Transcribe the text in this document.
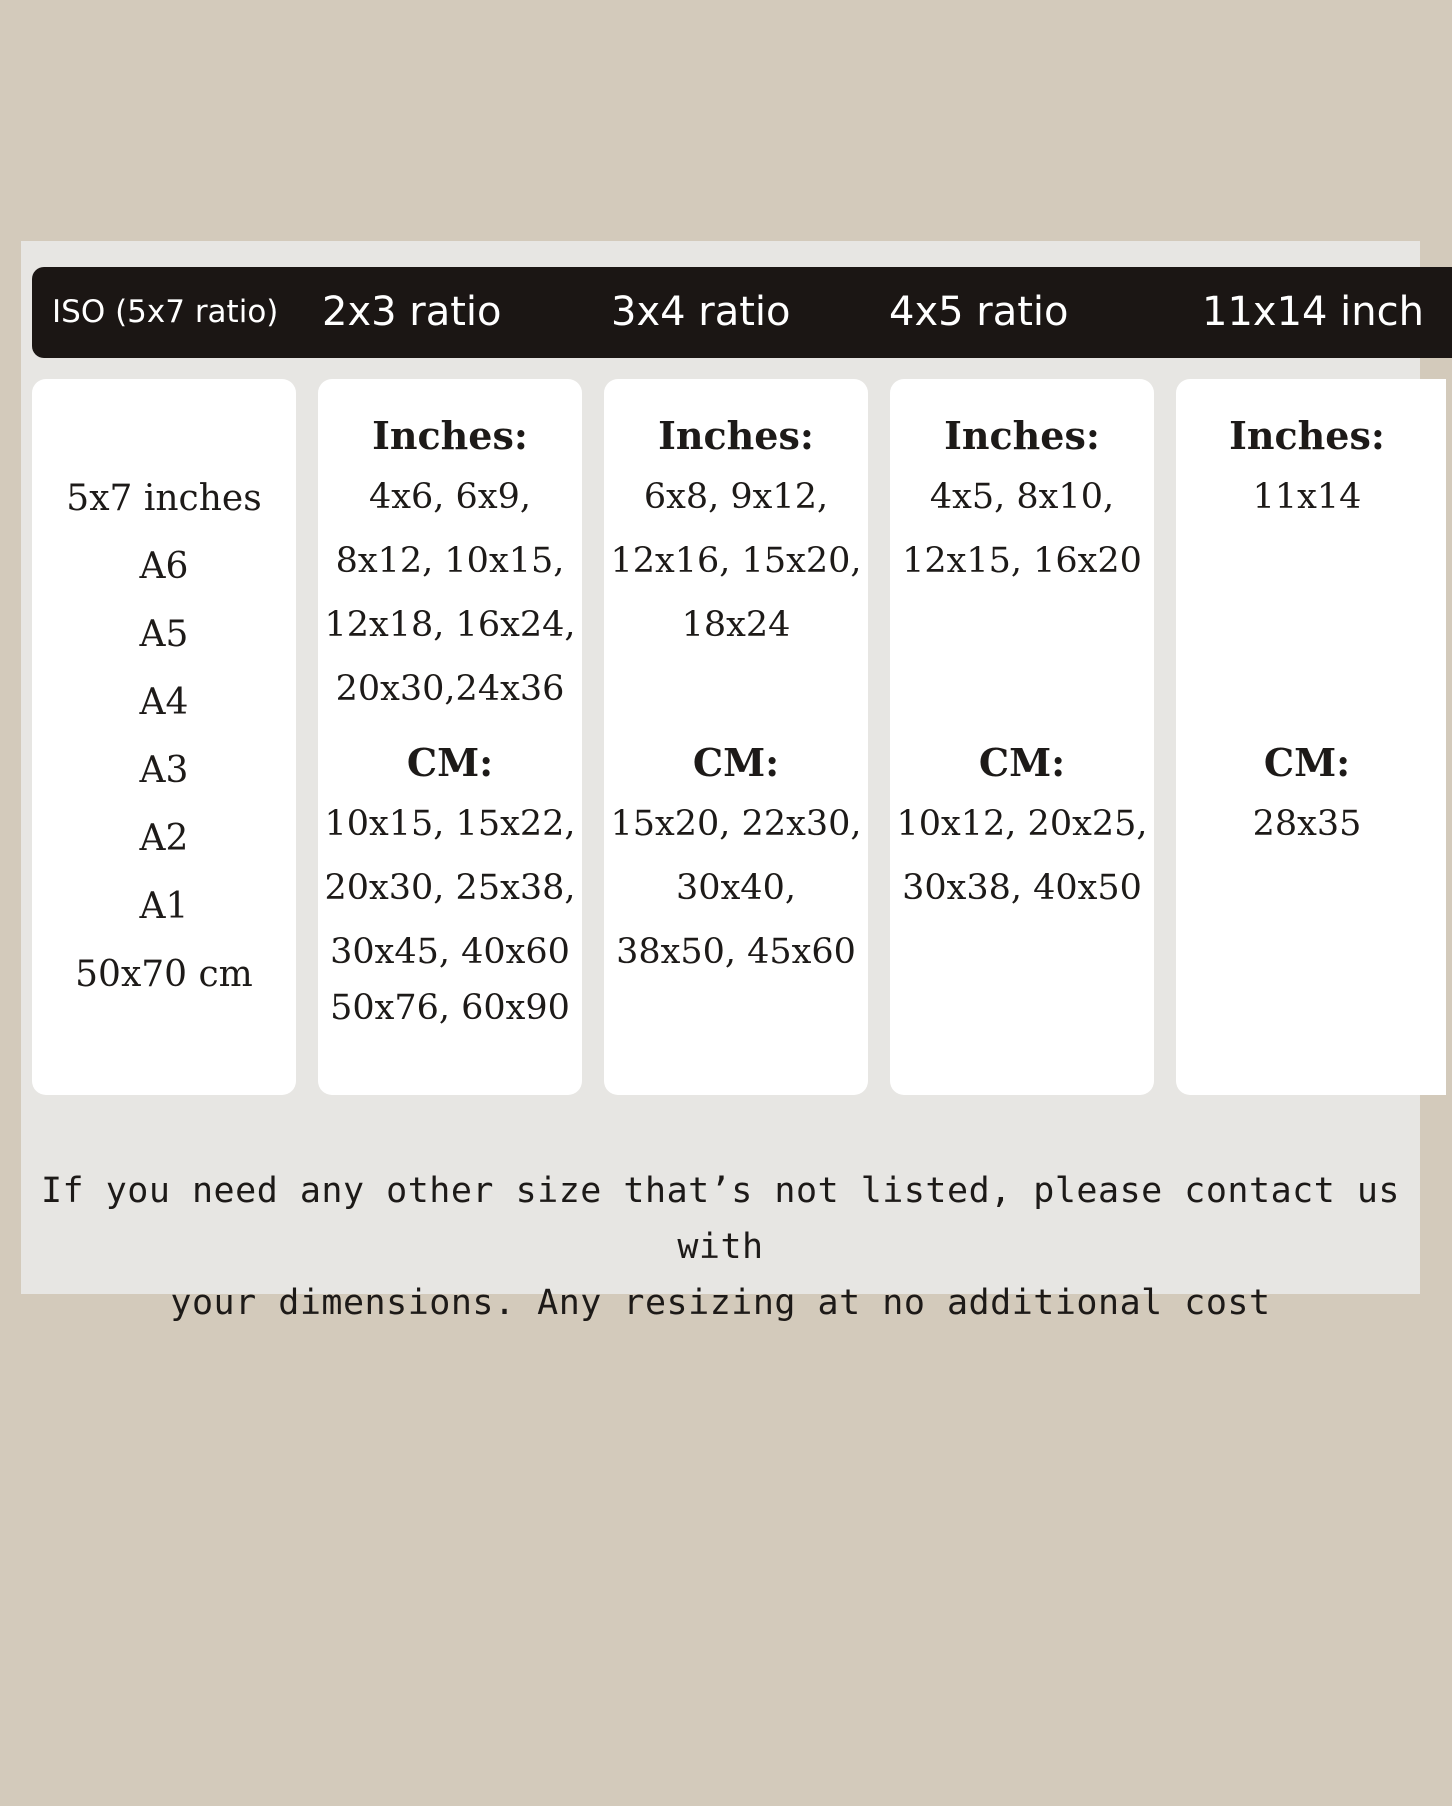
ISO (5x7 ratio) 2x3 ratio	3x4 ratio 4x5 ratio	11x14 inch
5x7 inches
A6
A5
A4
A3
A2
A1
50x70 cm
Inches:
4x6, 6x9,
8x12, 10x15,
12x18, 16x24,
20x30,24x36
CM:
10x15, 15x22,
20x30, 25x38,
30x45, 40x60
50x76, 60x90
Inches:
6x8, 9x12,
12x16, 15x20,
18x24
CM:
15x20, 22x30,
30x40,
38x50, 45x60
Inches:
4x5, 8x10,
12x15, 16x20
CM:
10x12, 20x25,
30x38, 40x50
Inches:
11x14
CM:
28x35
If you need any other size that’s not listed, please contact us with
your dimensions. Any resizing at no additional cost
